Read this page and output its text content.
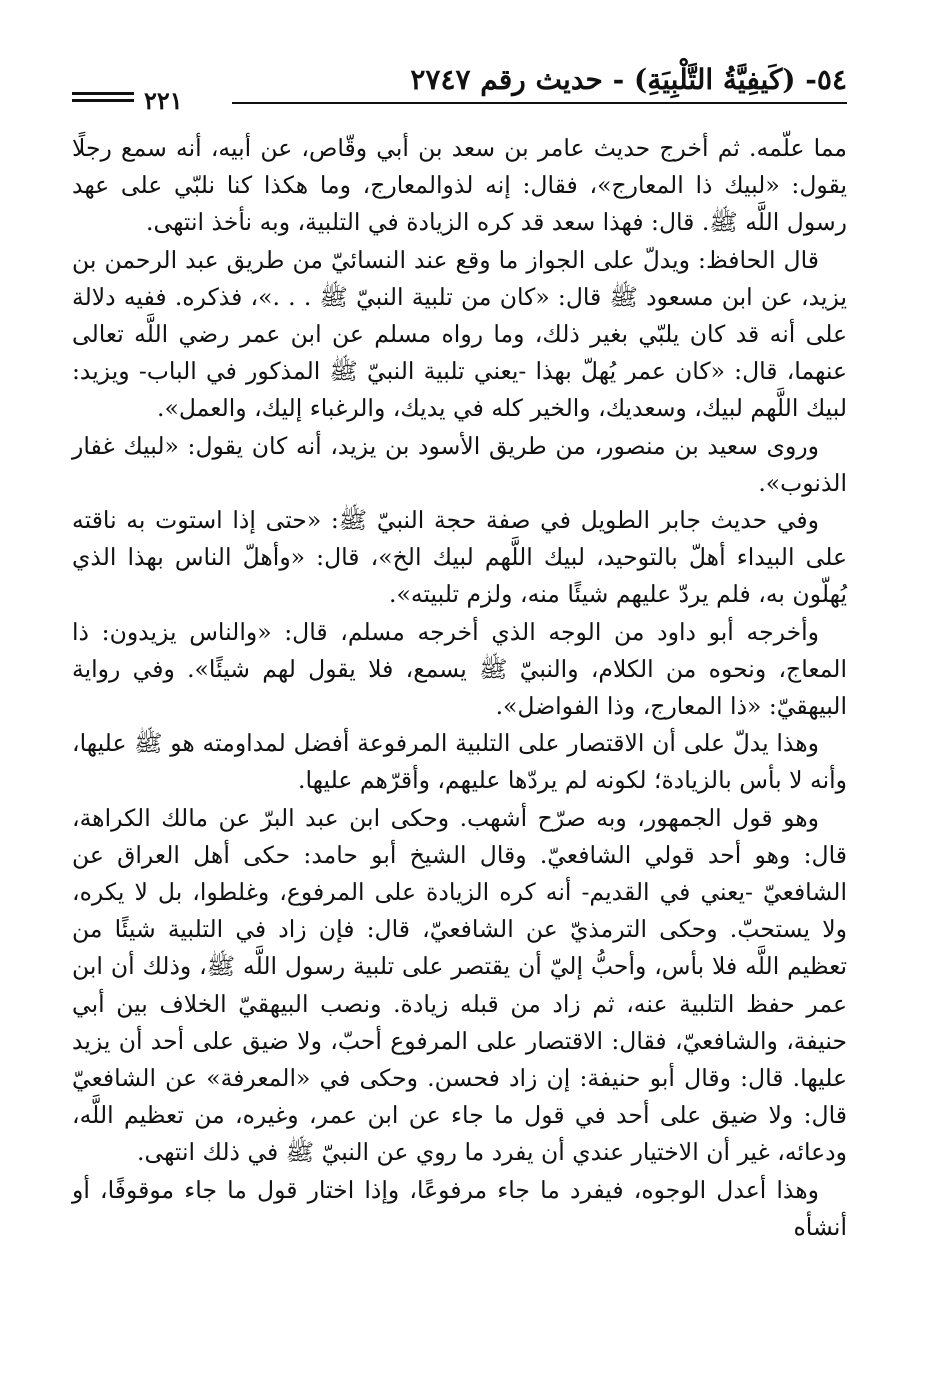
٥٤- (كَيفِيَّةُ التَّلْبِيَةِ) - حديث رقم ٢٧٤٧
٢٢١

مما علّمه. ثم أخرج حديث عامر بن سعد بن أبي وقّاص، عن أبيه، أنه سمع رجلًا يقول: «لبيك ذا المعارج»، فقال: إنه لذوالمعارج، وما هكذا كنا نلبّي على عهد رسول اللَّه ﷺ. قال: فهذا سعد قد كره الزيادة في التلبية، وبه نأخذ انتهى.

قال الحافظ: ويدلّ على الجواز ما وقع عند النسائيّ من طريق عبد الرحمن بن يزيد، عن ابن مسعود ﷺ قال: «كان من تلبية النبيّ ﷺ . . .»، فذكره. ففيه دلالة على أنه قد كان يلبّي بغير ذلك، وما رواه مسلم عن ابن عمر رضي اللَّه تعالى عنهما، قال: «كان عمر يُهلّ بهذا -يعني تلبية النبيّ ﷺ المذكور في الباب- ويزيد: لبيك اللَّهم لبيك، وسعديك، والخير كله في يديك، والرغباء إليك، والعمل».

وروى سعيد بن منصور، من طريق الأسود بن يزيد، أنه كان يقول: «لبيك غفار الذنوب».

وفي حديث جابر الطويل في صفة حجة النبيّ ﷺ: «حتى إذا استوت به ناقته على البيداء أهلّ بالتوحيد، لبيك اللَّهم لبيك الخ»، قال: «وأهلّ الناس بهذا الذي يُهلّون به، فلم يردّ عليهم شيئًا منه، ولزم تلبيته».

وأخرجه أبو داود من الوجه الذي أخرجه مسلم، قال: «والناس يزيدون: ذا المعاج، ونحوه من الكلام، والنبيّ ﷺ يسمع، فلا يقول لهم شيئًا». وفي رواية البيهقيّ: «ذا المعارج، وذا الفواضل».

وهذا يدلّ على أن الاقتصار على التلبية المرفوعة أفضل لمداومته هو ﷺ عليها، وأنه لا بأس بالزيادة؛ لكونه لم يردّها عليهم، وأقرّهم عليها.

وهو قول الجمهور، وبه صرّح أشهب. وحكى ابن عبد البرّ عن مالك الكراهة، قال: وهو أحد قولي الشافعيّ. وقال الشيخ أبو حامد: حكى أهل العراق عن الشافعيّ -يعني في القديم- أنه كره الزيادة على المرفوع، وغلطوا، بل لا يكره، ولا يستحبّ. وحكى الترمذيّ عن الشافعيّ، قال: فإن زاد في التلبية شيئًا من تعظيم اللَّه فلا بأس، وأحبُّ إليّ أن يقتصر على تلبية رسول اللَّه ﷺ، وذلك أن ابن عمر حفظ التلبية عنه، ثم زاد من قبله زيادة. ونصب البيهقيّ الخلاف بين أبي حنيفة، والشافعيّ، فقال: الاقتصار على المرفوع أحبّ، ولا ضيق على أحد أن يزيد عليها. قال: وقال أبو حنيفة: إن زاد فحسن. وحكى في «المعرفة» عن الشافعيّ قال: ولا ضيق على أحد في قول ما جاء عن ابن عمر، وغيره، من تعظيم اللَّه، ودعائه، غير أن الاختيار عندي أن يفرد ما روي عن النبيّ ﷺ في ذلك انتهى.

وهذا أعدل الوجوه، فيفرد ما جاء مرفوعًا، وإذا اختار قول ما جاء موقوفًا، أو أنشأه
